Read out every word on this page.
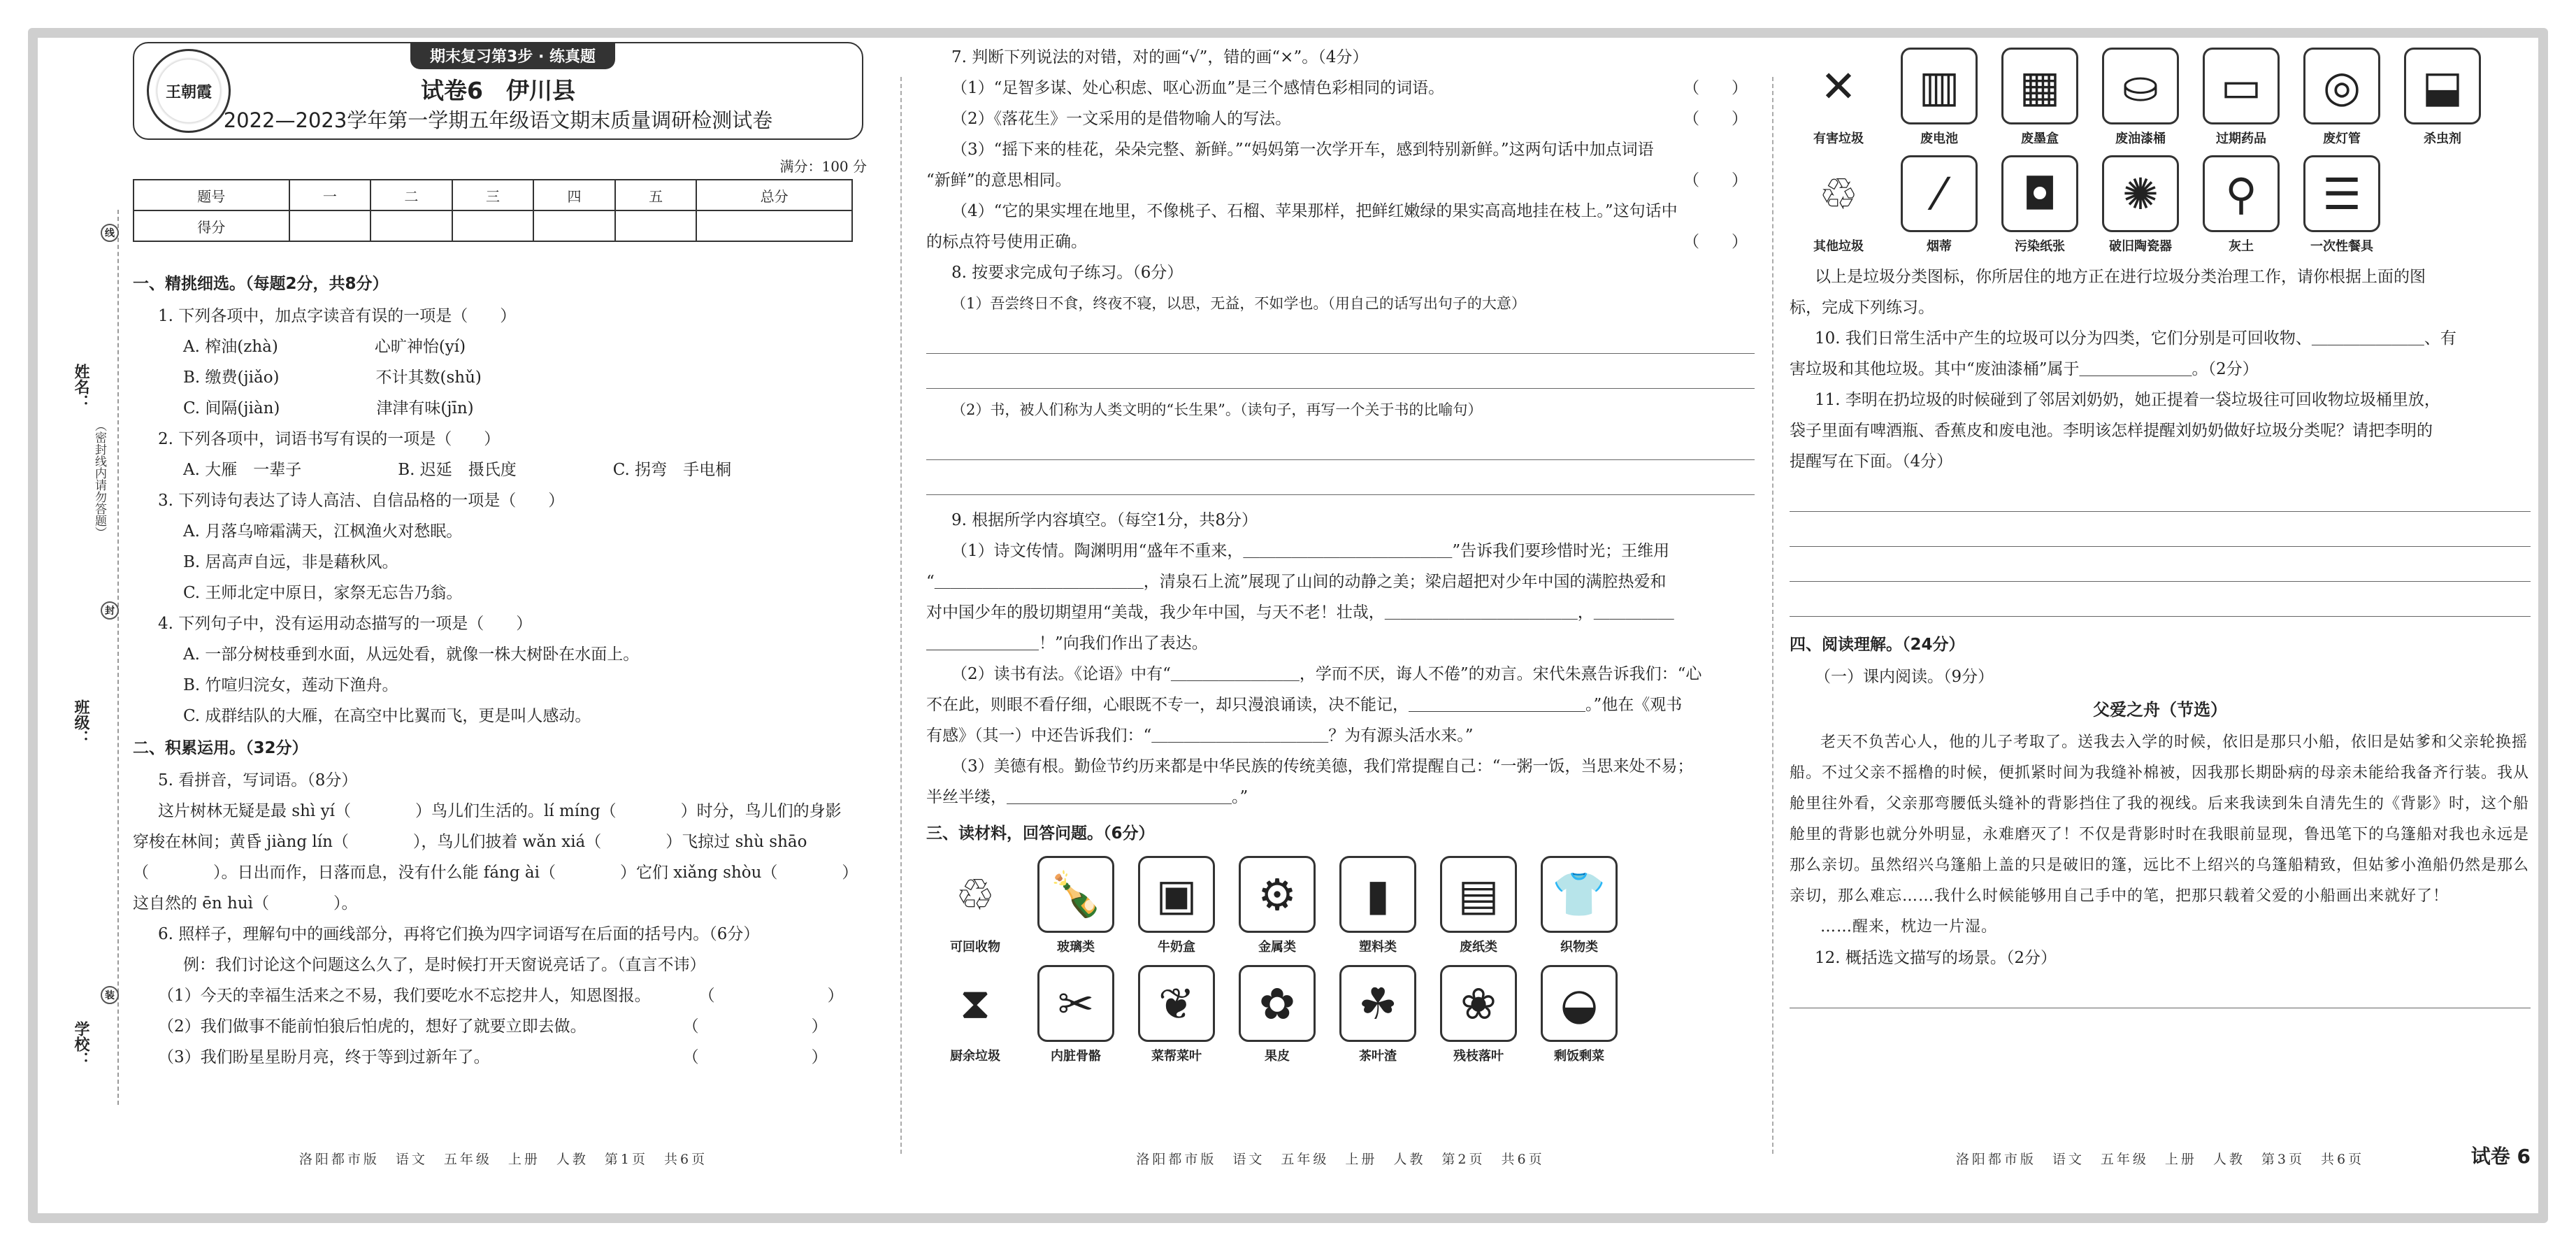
姓名：
（密封线内请勿答题）
班级：
学校：
线
封
装
王朝霞
期末复习第3步 · 练真题
试卷6　伊川县
2022—2023学年第一学期五年级语文期末质量调研检测试卷
满分：100 分
题号	一	二	三	四	五	总分
得分						
一、精挑细选。（每题2分，共8分）
1. 下列各项中，加点字读音有误的一项是（　　）
A. 榨油(zhà)　　　　　　心旷神怡(yí)
B. 缴费(jiǎo)　　　　　　不计其数(shǔ)
C. 间隔(jiàn)　　　　　　津津有味(jīn)
2. 下列各项中，词语书写有误的一项是（　　）
A. 大雁　一辈子　　　　　　B. 迟延　摄氏度　　　　　　C. 拐弯　手电桐
3. 下列诗句表达了诗人高洁、自信品格的一项是（　　）
A. 月落乌啼霜满天，江枫渔火对愁眠。
B. 居高声自远，非是藉秋风。
C. 王师北定中原日，家祭无忘告乃翁。
4. 下列句子中，没有运用动态描写的一项是（　　）
A. 一部分树枝垂到水面，从远处看，就像一株大树卧在水面上。
B. 竹喧归浣女，莲动下渔舟。
C. 成群结队的大雁，在高空中比翼而飞，更是叫人感动。
二、积累运用。（32分）
5. 看拼音，写词语。（8分）
这片树林无疑是最 shì yí（　　　　）鸟儿们生活的。lí míng（　　　　）时分，鸟儿们的身影
穿梭在林间；黄昏 jiàng lín（　　　　），鸟儿们披着 wǎn xiá（　　　　）飞掠过 shù shāo
（　　　　）。日出而作，日落而息，没有什么能 fáng ài（　　　　）它们 xiǎng shòu（　　　　）
这自然的 ēn huì（　　　　）。
6. 照样子，理解句中的画线部分，再将它们换为四字词语写在后面的括号内。（6分）
例：我们讨论这个问题这么久了，是时候打开天窗说亮话了。（直言不讳）
（1）今天的幸福生活来之不易，我们要吃水不忘挖井人，知恩图报。　　　　（　　　　　　　）
（2）我们做事不能前怕狼后怕虎的，想好了就要立即去做。　　　　　　　（　　　　　　　）
（3）我们盼星星盼月亮，终于等到过新年了。　　　　　　　　　　　　　（　　　　　　　）
洛阳都市版　语文　五年级　上册　人教　第1页　共6页
7. 判断下列说法的对错，对的画“√”，错的画“×”。（4分）
（1）“足智多谋、处心积虑、呕心沥血”是三个感情色彩相同的词语。	（　　）
（2）《落花生》一文采用的是借物喻人的写法。	（　　）
（3）“摇下来的桂花，朵朵完整、新鲜。”“妈妈第一次学开车，感到特别新鲜。”这两句话中加点词语
“新鲜”的意思相同。	（　　）
（4）“它的果实埋在地里，不像桃子、石榴、苹果那样，把鲜红嫩绿的果实高高地挂在枝上。”这句话中
的标点符号使用正确。	（　　）
8. 按要求完成句子练习。（6分）
（1）吾尝终日不食，终夜不寝，以思，无益，不如学也。（用自己的话写出句子的大意）
（2）书，被人们称为人类文明的“长生果”。（读句子，再写一个关于书的比喻句）
9. 根据所学内容填空。（每空1分，共8分）
（1）诗文传情。陶渊明用“盛年不重来，＿＿＿＿＿＿＿＿＿＿＿＿＿”告诉我们要珍惜时光；王维用
“＿＿＿＿＿＿＿＿＿＿＿＿＿，清泉石上流”展现了山间的动静之美；梁启超把对少年中国的满腔热爱和
对中国少年的殷切期望用“美哉，我少年中国，与天不老！壮哉，＿＿＿＿＿＿＿＿＿＿＿＿，＿＿＿＿＿
＿＿＿＿＿＿＿！”向我们作出了表达。
（2）读书有法。《论语》中有“＿＿＿＿＿＿＿＿，学而不厌，诲人不倦”的劝言。宋代朱熹告诉我们：“心
不在此，则眼不看仔细，心眼既不专一，却只漫浪诵读，决不能记，＿＿＿＿＿＿＿＿＿＿＿。”他在《观书
有感》（其一）中还告诉我们：“＿＿＿＿＿＿＿＿＿＿＿？为有源头活水来。”
（3）美德有根。勤俭节约历来都是中华民族的传统美德，我们常提醒自己：“一粥一饭，当思来处不易；
半丝半缕，＿＿＿＿＿＿＿＿＿＿＿＿＿＿。”
三、读材料，回答问题。（6分）
♲
可回收物
🍾
玻璃类
▣
牛奶盒
⚙
金属类
▮
塑料类
▤
废纸类
👕
织物类
⧗
厨余垃圾
✂
内脏骨骼
❦
菜帮菜叶
✿
果皮
☘
茶叶渣
❀
残枝落叶
◒
剩饭剩菜
洛阳都市版　语文　五年级　上册　人教　第2页　共6页
✕
有害垃圾
▥
废电池
▦
废墨盒
⛀
废油漆桶
▭
过期药品
◎
废灯管
⬓
杀虫剂
♲
其他垃圾
⁄
烟蒂
◘
污染纸张
✺
破旧陶瓷器
⚲
灰土
☰
一次性餐具
以上是垃圾分类图标，你所居住的地方正在进行垃圾分类治理工作，请你根据上面的图
标，完成下列练习。
10. 我们日常生活中产生的垃圾可以分为四类，它们分别是可回收物、＿＿＿＿＿＿＿、有
害垃圾和其他垃圾。其中“废油漆桶”属于＿＿＿＿＿＿＿。（2分）
11. 李明在扔垃圾的时候碰到了邻居刘奶奶，她正提着一袋垃圾往可回收物垃圾桶里放，
袋子里面有啤酒瓶、香蕉皮和废电池。李明该怎样提醒刘奶奶做好垃圾分类呢？请把李明的
提醒写在下面。（4分）
四、阅读理解。（24分）
（一）课内阅读。（9分）
父爱之舟（节选）
老天不负苦心人，他的儿子考取了。送我去入学的时候，依旧是那只小船，依旧是姑爹和父亲轮换摇船。不过父亲不摇橹的时候，便抓紧时间为我缝补棉被，因我那长期卧病的母亲未能给我备齐行装。我从舱里往外看，父亲那弯腰低头缝补的背影挡住了我的视线。后来我读到朱自清先生的《背影》时，这个船舱里的背影也就分外明显，永难磨灭了！不仅是背影时时在我眼前显现，鲁迅笔下的乌篷船对我也永远是那么亲切。虽然绍兴乌篷船上盖的只是破旧的篷，远比不上绍兴的乌篷船精致，但姑爹小渔船仍然是那么亲切，那么难忘……我什么时候能够用自己手中的笔，把那只载着父爱的小船画出来就好了！
……醒来，枕边一片湿。
12. 概括选文描写的场景。（2分）
洛阳都市版　语文　五年级　上册　人教　第3页　共6页	试卷 6
